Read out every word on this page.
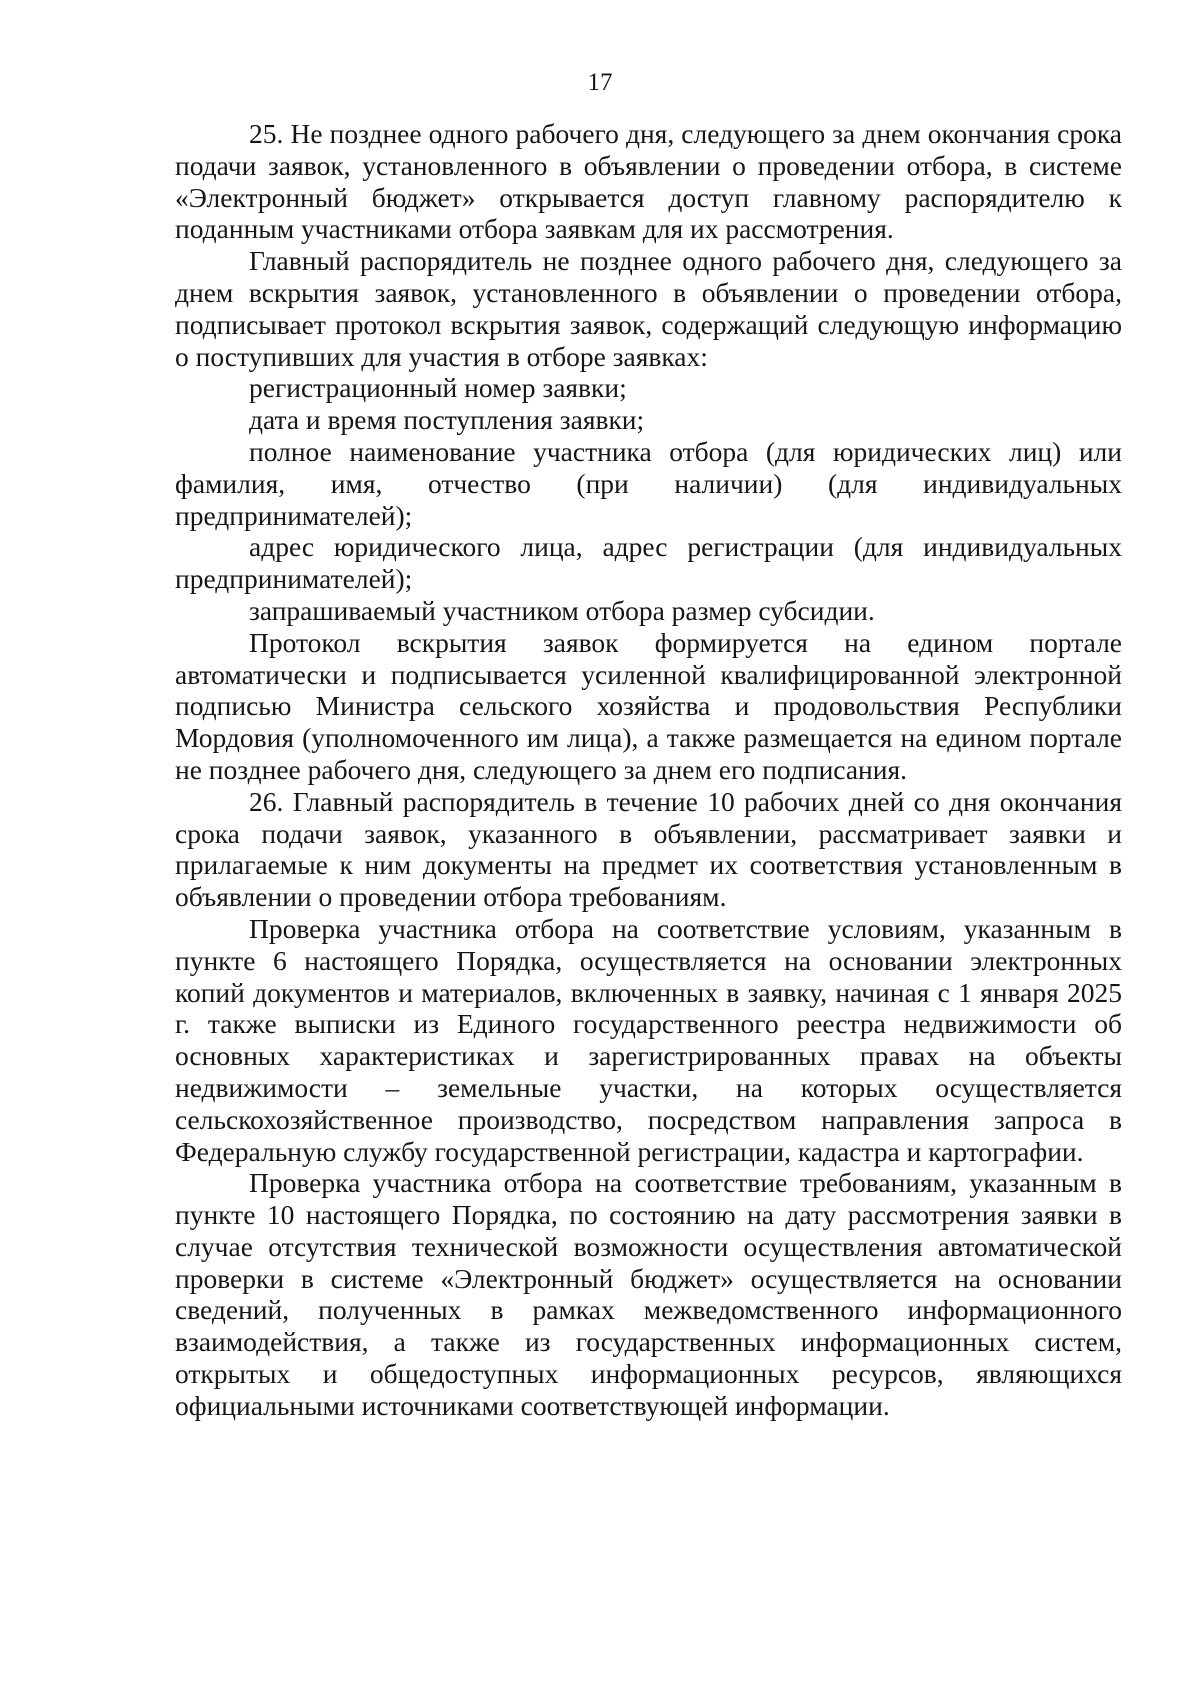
17

25. Не позднее одного рабочего дня, следующего за днем окончания срока подачи заявок, установленного в объявлении о проведении отбора, в системе «Электронный бюджет» открывается доступ главному распорядителю к поданным участниками отбора заявкам для их рассмотрения.

Главный распорядитель не позднее одного рабочего дня, следующего за днем вскрытия заявок, установленного в объявлении о проведении отбора, подписывает протокол вскрытия заявок, содержащий следующую информацию о поступивших для участия в отборе заявках:

регистрационный номер заявки;

дата и время поступления заявки;

полное наименование участника отбора (для юридических лиц) или фамилия, имя, отчество (при наличии) (для индивидуальных предпринимателей);

адрес юридического лица, адрес регистрации (для индивидуальных предпринимателей);

запрашиваемый участником отбора размер субсидии.

Протокол вскрытия заявок формируется на едином портале автоматически и подписывается усиленной квалифицированной электронной подписью Министра сельского хозяйства и продовольствия Республики Мордовия (уполномоченного им лица), а также размещается на едином портале не позднее рабочего дня, следующего за днем его подписания.

26. Главный распорядитель в течение 10 рабочих дней со дня окончания срока подачи заявок, указанного в объявлении, рассматривает заявки и прилагаемые к ним документы на предмет их соответствия установленным в объявлении о проведении отбора требованиям.

Проверка участника отбора на соответствие условиям, указанным в пункте 6 настоящего Порядка, осуществляется на основании электронных копий документов и материалов, включенных в заявку, начиная с 1 января 2025 г. также выписки из Единого государственного реестра недвижимости об основных характеристиках и зарегистрированных правах на объекты недвижимости – земельные участки, на которых осуществляется сельскохозяйственное производство, посредством направления запроса в Федеральную службу государственной регистрации, кадастра и картографии.

Проверка участника отбора на соответствие требованиям, указанным в пункте 10 настоящего Порядка, по состоянию на дату рассмотрения заявки в случае отсутствия технической возможности осуществления автоматической проверки в системе «Электронный бюджет» осуществляется на основании сведений, полученных в рамках межведомственного информационного взаимодействия, а также из государственных информационных систем, открытых и общедоступных информационных ресурсов, являющихся официальными источниками соответствующей информации.
